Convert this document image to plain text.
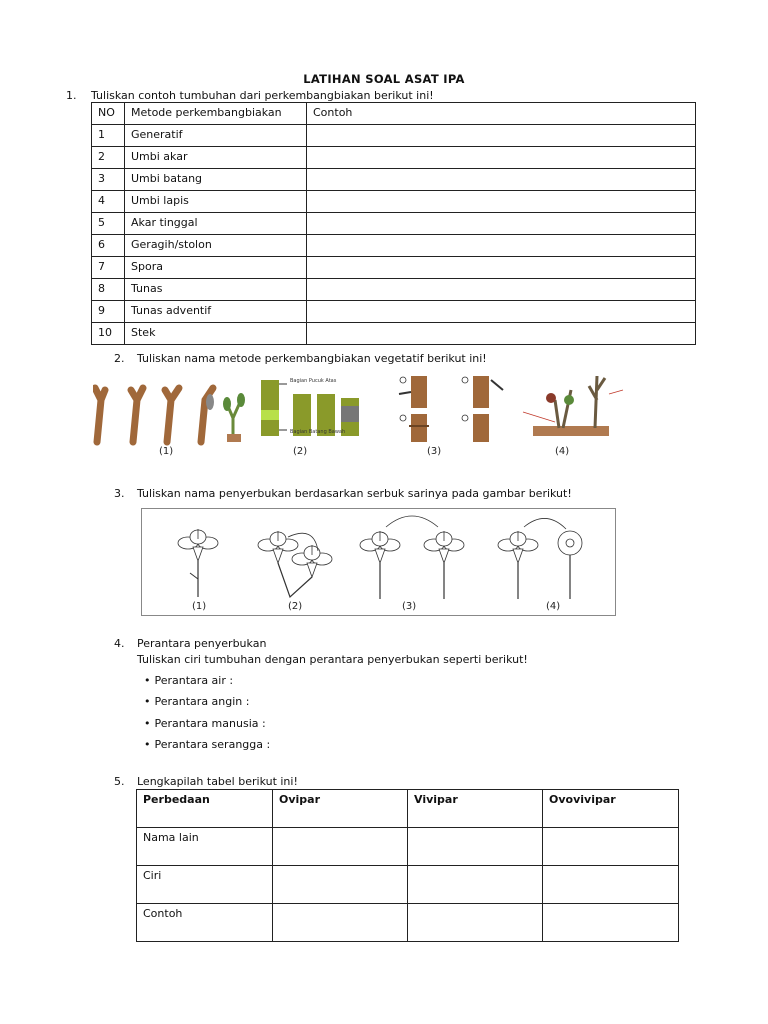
LATIHAN SOAL ASAT IPA
1. Tuliskan contoh tumbuhan dari perkembangbiakan berikut ini!
NO	Metode perkembangbiakan	Contoh
1	Generatif	
2	Umbi akar	
3	Umbi batang	
4	Umbi lapis	
5	Akar tinggal	
6	Geragih/stolon	
7	Spora	
8	Tunas	
9	Tunas adventif	
10	Stek	
2. Tuliskan nama metode perkembangbiakan vegetatif berikut ini!
(1)
Bagian Pucuk Atas
Bagian Batang Bawah
(2)	(3)	(4)
3. Tuliskan nama penyerbukan berdasarkan serbuk sarinya pada gambar berikut!
(1)	(2)	(3)	(4)
4. Perantara penyerbukan
Tuliskan ciri tumbuhan dengan perantara penyerbukan seperti berikut!
• Perantara air :
• Perantara angin :
• Perantara manusia :
• Perantara serangga :
5. Lengkapilah tabel berikut ini!
Perbedaan	Ovipar	Vivipar	Ovovivipar
Nama lain			
Ciri			
Contoh			
